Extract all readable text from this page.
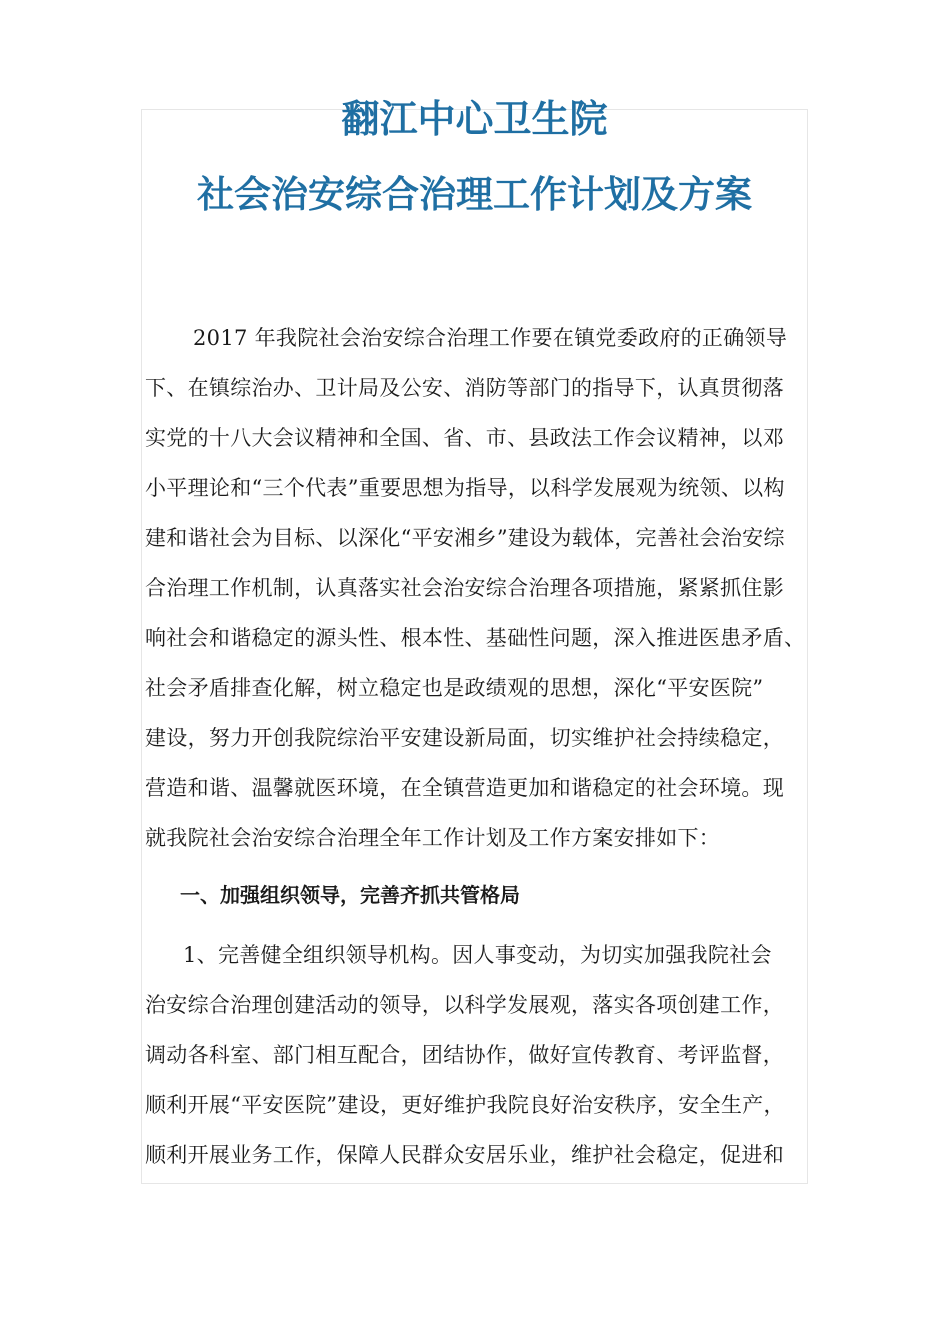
翻江中心卫生院
社会治安综合治理工作计划及方案
2017 年我院社会治安综合治理工作要在镇党委政府的正确领导
下、在镇综治办、卫计局及公安、消防等部门的指导下，认真贯彻落
实党的十八大会议精神和全国、省、市、县政法工作会议精神，以邓
小平理论和“三个代表”重要思想为指导，以科学发展观为统领、以构
建和谐社会为目标、以深化“平安湘乡”建设为载体，完善社会治安综
合治理工作机制，认真落实社会治安综合治理各项措施，紧紧抓住影
响社会和谐稳定的源头性、根本性、基础性问题，深入推进医患矛盾、
社会矛盾排查化解，树立稳定也是政绩观的思想，深化“平安医院”
建设，努力开创我院综治平安建设新局面，切实维护社会持续稳定，
营造和谐、温馨就医环境，在全镇营造更加和谐稳定的社会环境。现
就我院社会治安综合治理全年工作计划及工作方案安排如下：
一、加强组织领导，完善齐抓共管格局
1、完善健全组织领导机构。因人事变动，为切实加强我院社会
治安综合治理创建活动的领导，以科学发展观，落实各项创建工作，
调动各科室、部门相互配合，团结协作，做好宣传教育、考评监督，
顺利开展“平安医院”建设，更好维护我院良好治安秩序，安全生产，
顺利开展业务工作，保障人民群众安居乐业，维护社会稳定，促进和
